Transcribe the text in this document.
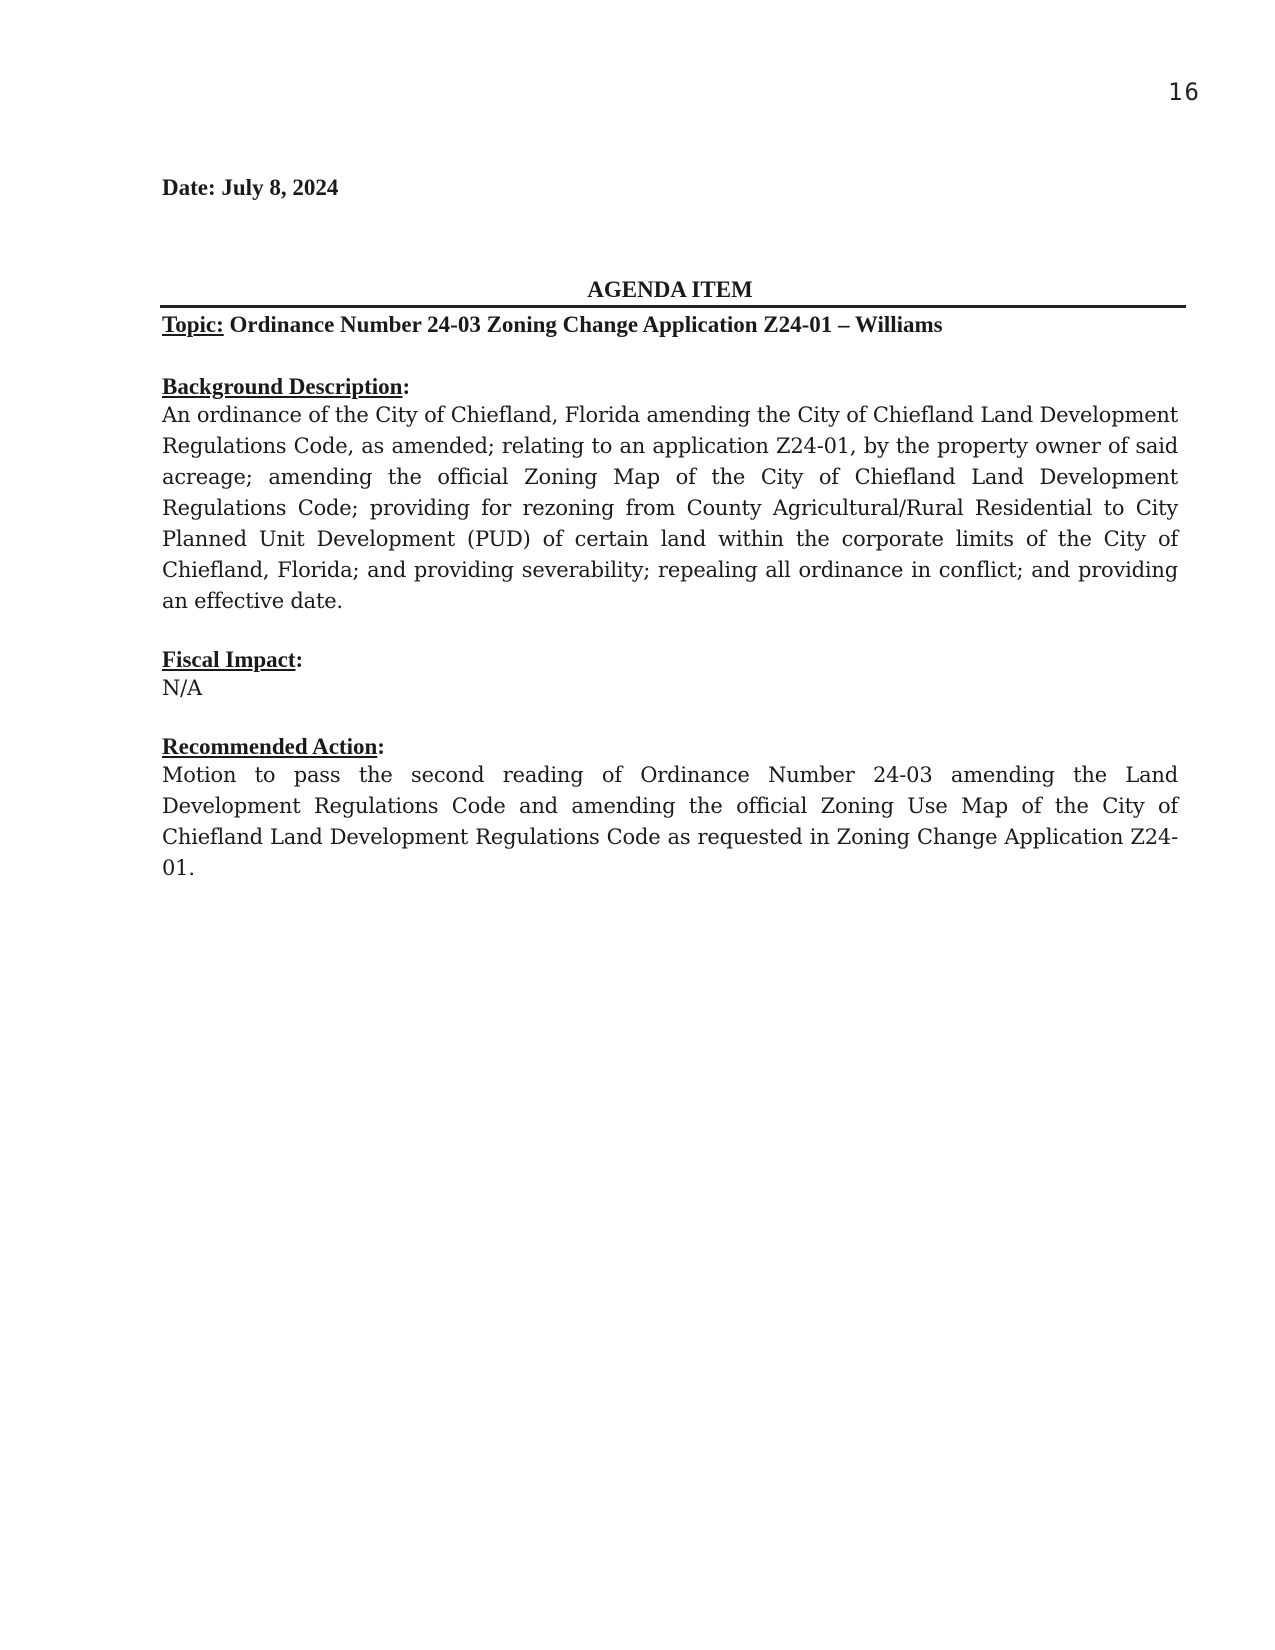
16

Date: July 8, 2024

AGENDA ITEM
Topic: Ordinance Number 24-03 Zoning Change Application Z24-01 – Williams

Background Description:

An ordinance of the City of Chiefland, Florida amending the City of Chiefland Land Development Regulations Code, as amended; relating to an application Z24-01, by the property owner of said acreage; amending the official Zoning Map of the City of Chiefland Land Development Regulations Code; providing for rezoning from County Agricultural/Rural Residential to City Planned Unit Development (PUD) of certain land within the corporate limits of the City of Chiefland, Florida; and providing severability; repealing all ordinance in conflict; and providing an effective date.

Fiscal Impact:

N/A

Recommended Action:

Motion to pass the second reading of Ordinance Number 24-03 amending the Land Development Regulations Code and amending the official Zoning Use Map of the City of Chiefland Land Development Regulations Code as requested in Zoning Change Application Z24-01.
